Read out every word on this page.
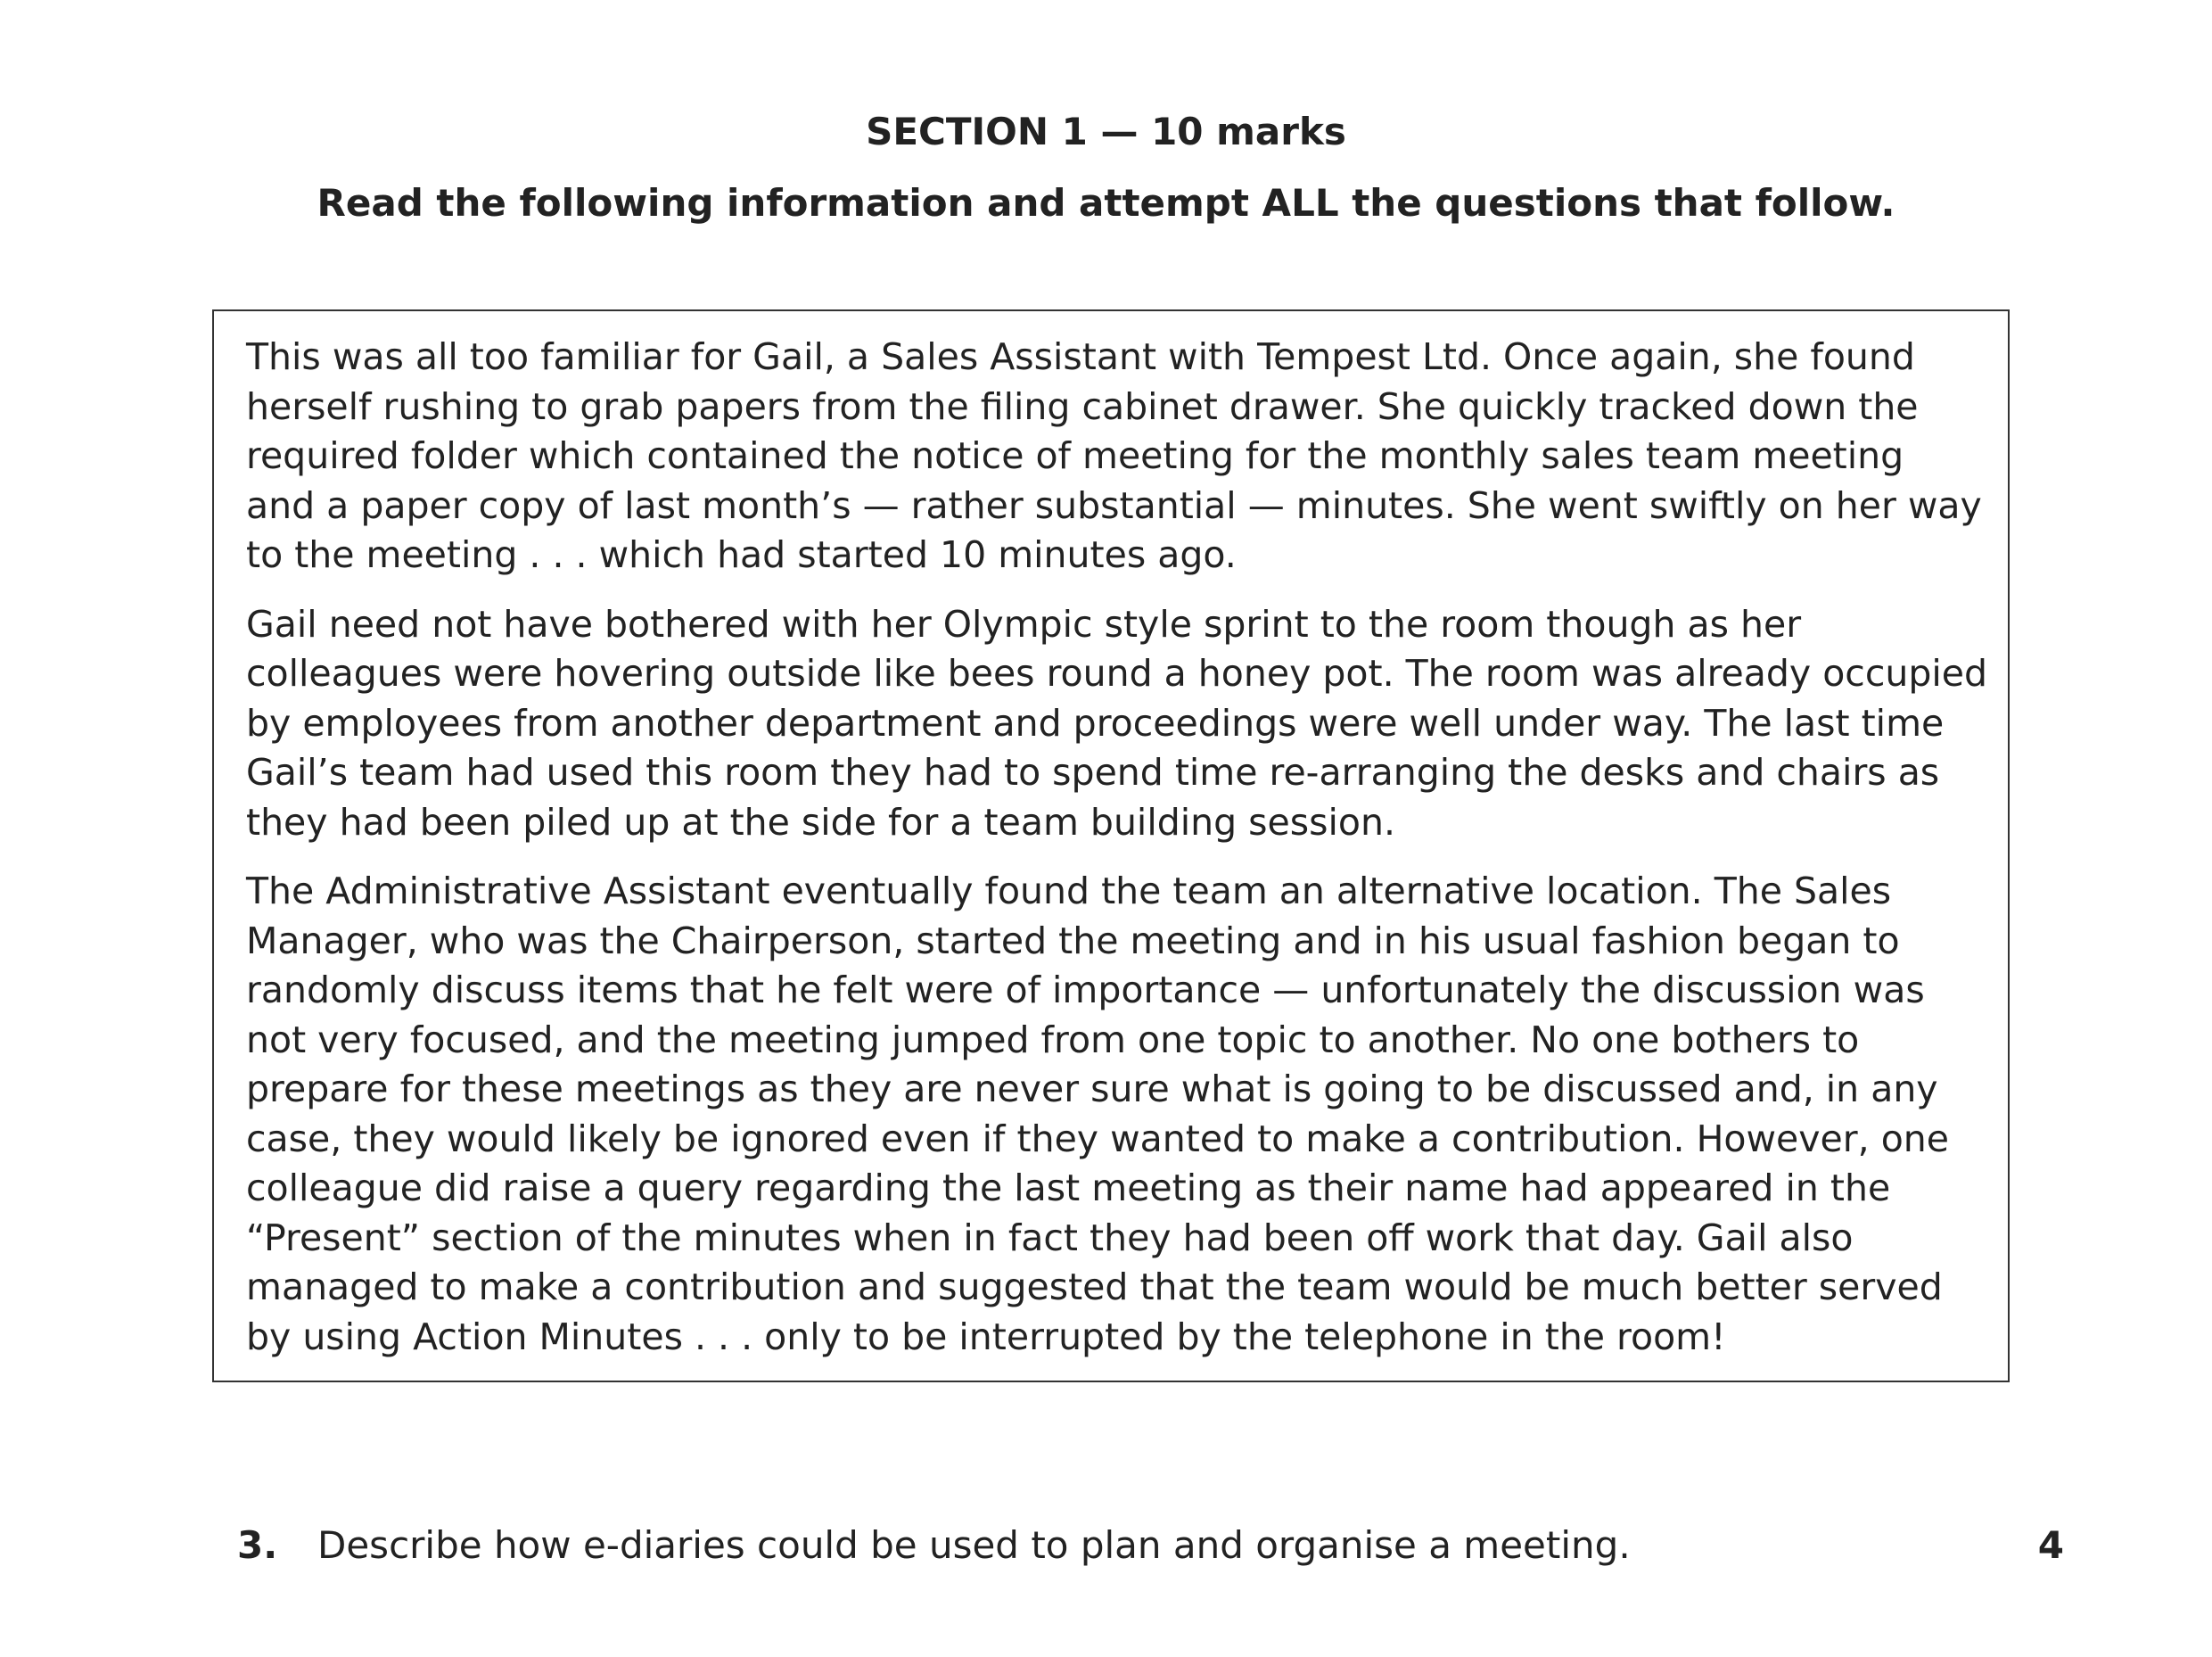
SECTION 1 — 10 marks

Read the following information and attempt ALL the questions that follow.

This was all too familiar for Gail, a Sales Assistant with Tempest Ltd. Once again, she found
herself rushing to grab papers from the filing cabinet drawer. She quickly tracked down the
required folder which contained the notice of meeting for the monthly sales team meeting
and a paper copy of last month’s — rather substantial — minutes. She went swiftly on her way
to the meeting . . . which had started 10 minutes ago.

Gail need not have bothered with her Olympic style sprint to the room though as her
colleagues were hovering outside like bees round a honey pot. The room was already occupied
by employees from another department and proceedings were well under way. The last time
Gail’s team had used this room they had to spend time re-arranging the desks and chairs as
they had been piled up at the side for a team building session.

The Administrative Assistant eventually found the team an alternative location. The Sales
Manager, who was the Chairperson, started the meeting and in his usual fashion began to
randomly discuss items that he felt were of importance — unfortunately the discussion was
not very focused, and the meeting jumped from one topic to another. No one bothers to
prepare for these meetings as they are never sure what is going to be discussed and, in any
case, they would likely be ignored even if they wanted to make a contribution. However, one
colleague did raise a query regarding the last meeting as their name had appeared in the
“Present” section of the minutes when in fact they had been off work that day. Gail also
managed to make a contribution and suggested that the team would be much better served
by using Action Minutes . . . only to be interrupted by the telephone in the room!

3. Describe how e-diaries could be used to plan and organise a meeting.	4
